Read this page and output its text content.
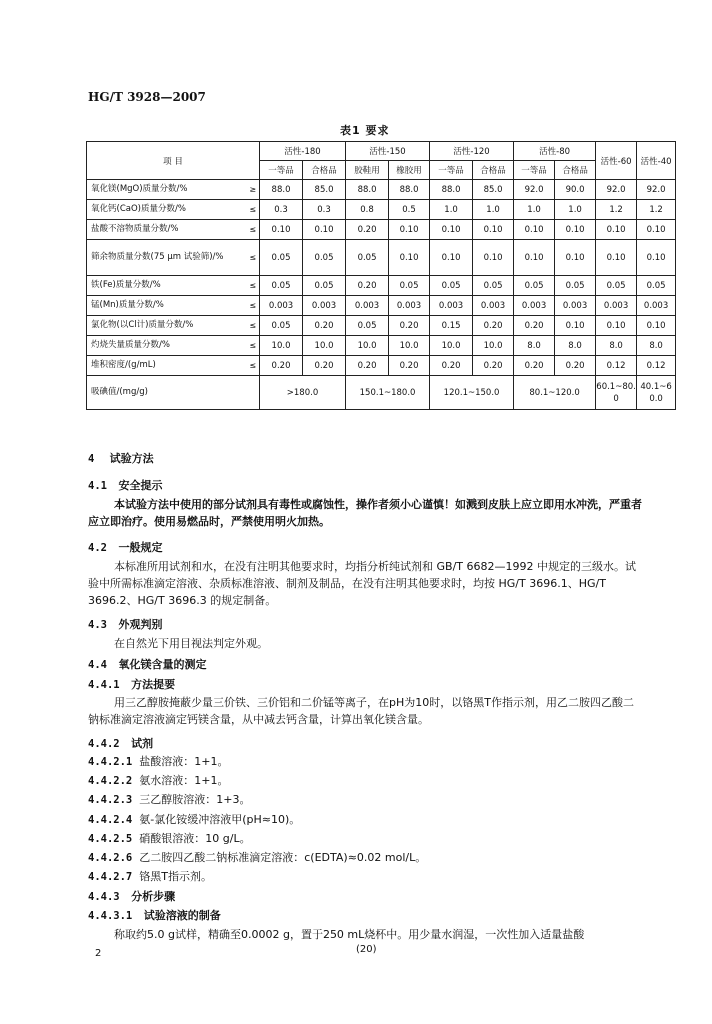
HG/T 3928—2007
表1 要求
项 目		活性-180		活性-150		活性-120		活性-80		活性-60	活性-40
		一等品	合格品	胶鞋用	橡胶用	一等品	合格品	一等品	合格品		
氧化镁(MgO)质量分数/%	≥	88.0	85.0	88.0	88.0	88.0	85.0	92.0	90.0	92.0	92.0
氧化钙(CaO)质量分数/%	≤	0.3	0.3	0.8	0.5	1.0	1.0	1.0	1.0	1.2	1.2
盐酸不溶物质量分数/%	≤	0.10	0.10	0.20	0.10	0.10	0.10	0.10	0.10	0.10	0.10
筛余物质量分数(75 μm 试验筛)/%	≤	0.05	0.05	0.05	0.10	0.10	0.10	0.10	0.10	0.10	0.10
铁(Fe)质量分数/%	≤	0.05	0.05	0.20	0.05	0.05	0.05	0.05	0.05	0.05	0.05
锰(Mn)质量分数/%	≤	0.003	0.003	0.003	0.003	0.003	0.003	0.003	0.003	0.003	0.003
氯化物(以Cl计)质量分数/%	≤	0.05	0.20	0.05	0.20	0.15	0.20	0.20	0.10	0.10	0.10
灼烧失量质量分数/%	≤	10.0	10.0	10.0	10.0	10.0	10.0	8.0	8.0	8.0	8.0
堆积密度/(g/mL)	≤	0.20	0.20	0.20	0.20	0.20	0.20	0.20	0.20	0.12	0.12
吸碘值/(mg/g)		>180.0		150.1~180.0		120.1~150.0		80.1~120.0		60.1~80.0	40.1~60.0
4 试验方法
4.1 安全提示
本试验方法中使用的部分试剂具有毒性或腐蚀性，操作者须小心谨慎！如溅到皮肤上应立即用水冲洗，严重者应立即治疗。使用易燃品时，严禁使用明火加热。
4.2 一般规定
本标准所用试剂和水，在没有注明其他要求时，均指分析纯试剂和 GB/T 6682—1992 中规定的三级水。试验中所需标准滴定溶液、杂质标准溶液、制剂及制品，在没有注明其他要求时，均按 HG/T 3696.1、HG/T 3696.2、HG/T 3696.3 的规定制备。
4.3 外观判别
在自然光下用目视法判定外观。
4.4 氧化镁含量的测定
4.4.1 方法提要
用三乙醇胺掩蔽少量三价铁、三价铝和二价锰等离子，在pH为10时，以铬黑T作指示剂，用乙二胺四乙酸二钠标准滴定溶液滴定钙镁含量，从中减去钙含量，计算出氧化镁含量。
4.4.2 试剂
4.4.2.1 盐酸溶液：1+1。
4.4.2.2 氨水溶液：1+1。
4.4.2.3 三乙醇胺溶液：1+3。
4.4.2.4 氨-氯化铵缓冲溶液甲(pH≈10)。
4.4.2.5 硝酸银溶液：10 g/L。
4.4.2.6 乙二胺四乙酸二钠标准滴定溶液：c(EDTA)≈0.02 mol/L。
4.4.2.7 铬黑T指示剂。
4.4.3 分析步骤
4.4.3.1 试验溶液的制备
称取约5.0 g试样，精确至0.0002 g，置于250 mL烧杯中。用少量水润湿，一次性加入适量盐酸
2	(20)
